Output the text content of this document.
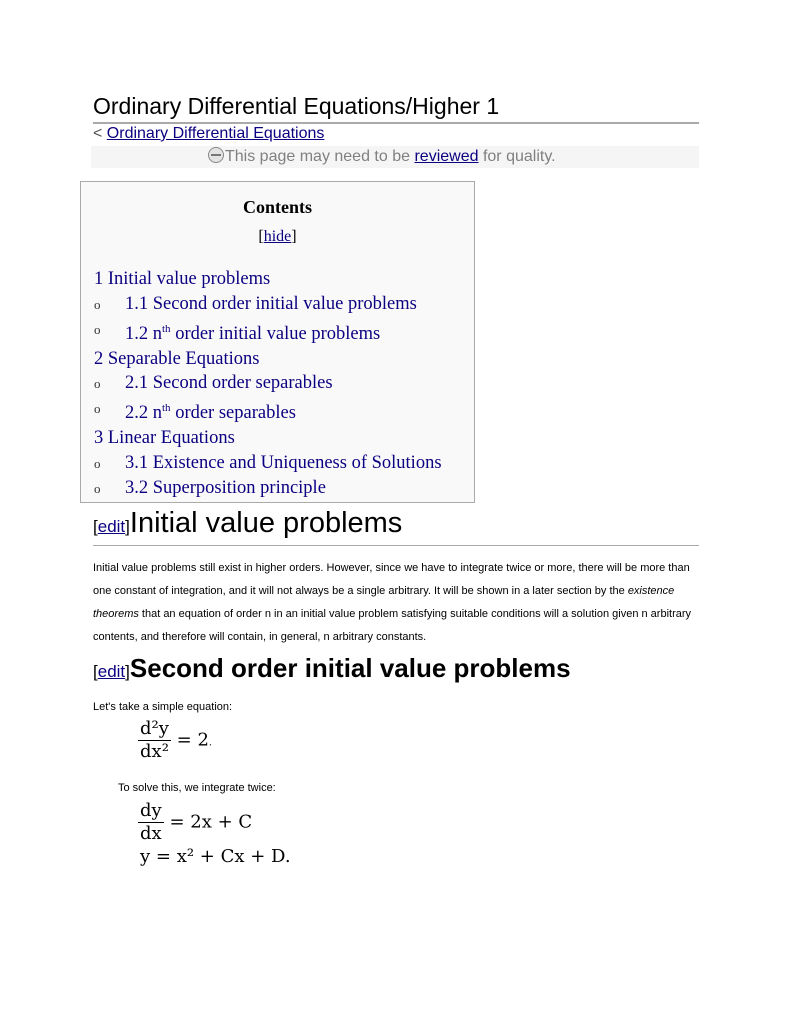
Ordinary Differential Equations/Higher 1
< Ordinary Differential Equations
This page may need to be reviewed for quality.
Contents
[hide]
1 Initial value problems
o 1.1 Second order initial value problems
o 1.2 $n^{th}$ order initial value problems
2 Separable Equations
o 2.1 Second order separables
o 2.2 $n^{th}$ order separables
3 Linear Equations
o 3.1 Existence and Uniqueness of Solutions
o 3.2 Superposition principle
[edit]Initial value problems
Initial value problems still exist in higher orders. However, since we have to integrate twice or more, there will be more than one constant of integration, and it will not always be a single arbitrary. It will be shown in a later section by the existence theorems that an equation of order n in an initial value problem satisfying suitable conditions will a solution given n arbitrary contents, and therefore will contain, in general, n arbitrary constants.
[edit]Second order initial value problems
Let's take a simple equation:
$\frac{\text{d²y}}{\text{dx²}} = 2$.
To solve this, we integrate twice:
$\frac{dy}{dx} = 2x + C$
y = x² + Cx + D.
